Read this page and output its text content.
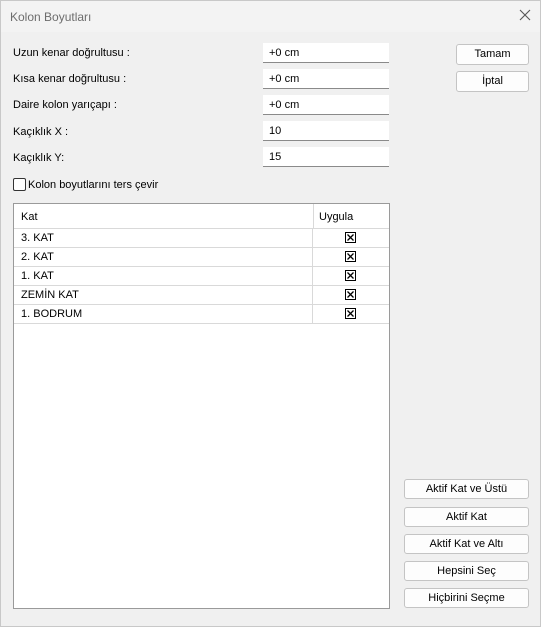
Kolon Boyutları
Uzun kenar doğrultusu :
+0 cm
Kısa kenar doğrultusu :
+0 cm
Daire kolon yarıçapı :
+0 cm
Kaçıklık X :
10
Kaçıklık Y:
15
Kolon boyutlarını ters çevir
Tamam
İptal
Kat	Uygula
3. KAT
2. KAT
1. KAT
ZEMİN KAT
1. BODRUM
Aktif Kat ve Üstü
Aktif Kat
Aktif Kat ve Altı
Hepsini Seç
Hiçbirini Seçme
